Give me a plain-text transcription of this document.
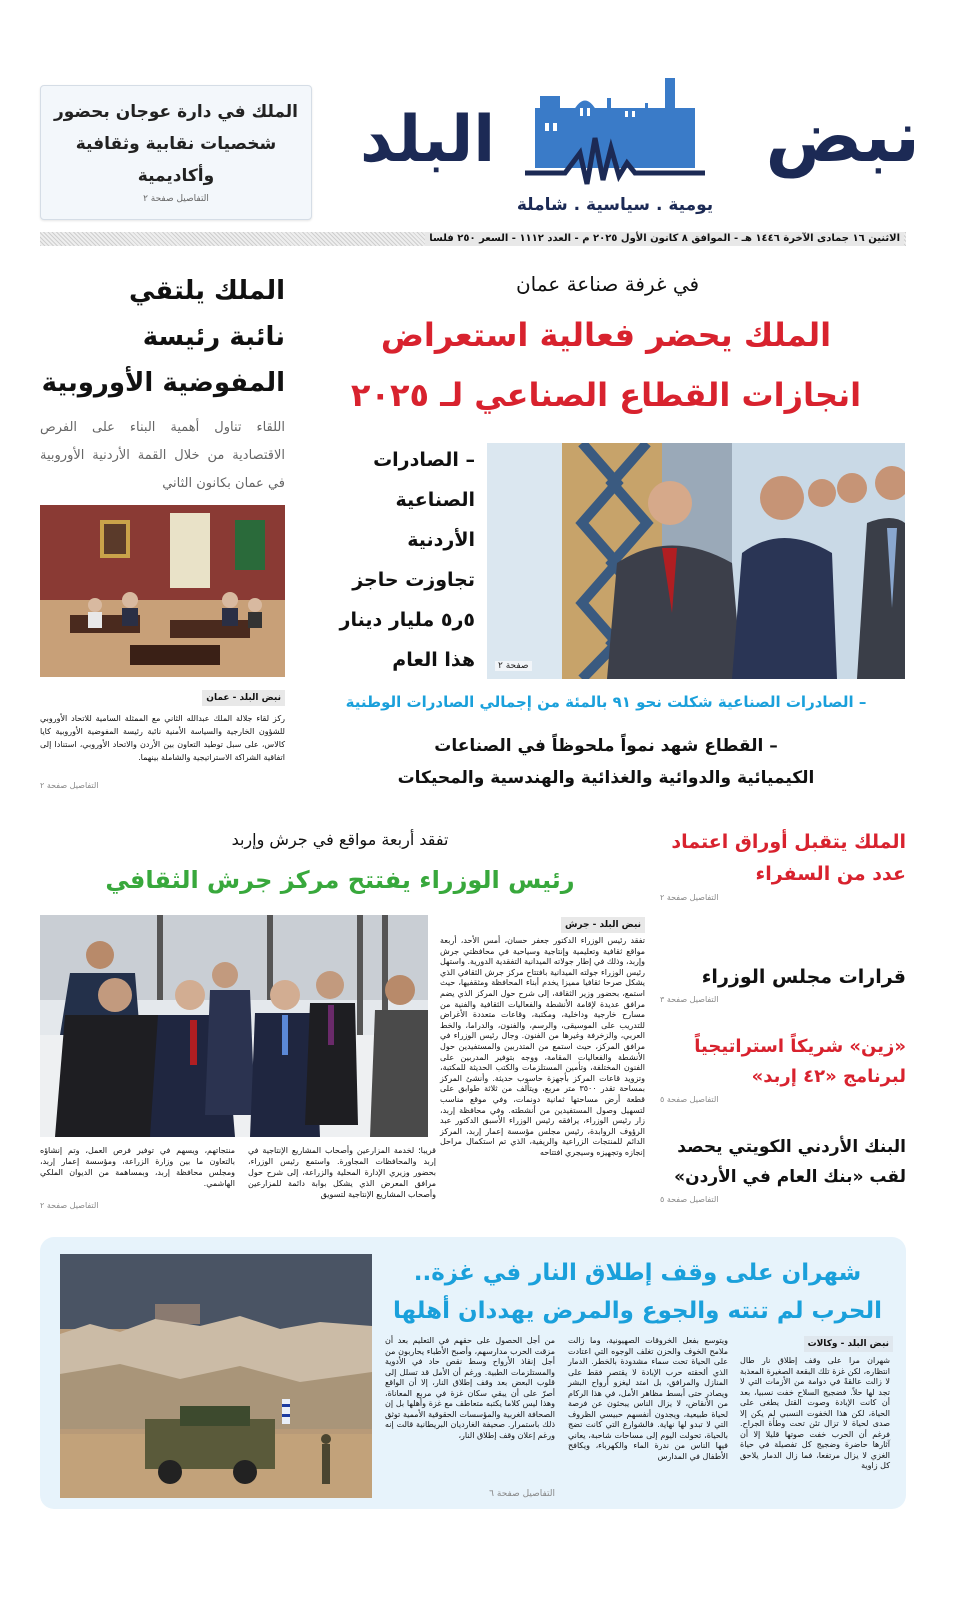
نبض
البلد
يومية . سياسية . شاملة
الملك في دارة عوجان بحضور شخصيات نقابية وثقافية وأكاديمية
التفاصيل صفحة ٢
الاثنين ١٦ جمادى الآخرة ١٤٤٦ هـ - الموافق ٨ كانون الأول ٢٠٢٥ م - العدد ١١١٢ - السعر ٢٥٠ فلسا
في غرفة صناعة عمان
الملك يحضر فعالية استعراض
انجازات القطاع الصناعي لـ ٢٠٢٥
– الصادرات
الصناعية
الأردنية
تجاوزت حاجز
٥ر٥ مليار دينار
هذا العام	صفحة ٢
– الصادرات الصناعية شكلت نحو ٩١ بالمئة من إجمالي الصادرات الوطنية
– القطاع شهد نمواً ملحوظاً في الصناعات
الكيميائية والدوائية والغذائية والهندسية والمحيكات
الملك يلتقي
نائبة رئيسة
المفوضية الأوروبية
اللقاء تناول أهمية البناء على الفرص الاقتصادية من خلال القمة الأردنية الأوروبية في عمان بكانون الثاني
نبض البلد - عمان
ركز لقاء جلالة الملك عبدالله الثاني مع الممثلة السامية للاتحاد الأوروبي للشؤون الخارجية والسياسة الأمنية نائبة رئيسة المفوضية الأوروبية كايا كالاس، على سبل توطيد التعاون بين الأردن والاتحاد الأوروبي، استنادا إلى اتفاقية الشراكة الاستراتيجية والشاملة بينهما.
التفاصيل صفحة ٢
تفقد أربعة مواقع في جرش وإربد
رئيس الوزراء يفتتح مركز جرش الثقافي
نبض البلد - جرش
تفقد رئيس الوزراء الدكتور جعفر حسان، أمس الأحد، أربعة مواقع ثقافية وتعليمية وإنتاجية وسياحية في محافظتي جرش وإربد، وذلك في إطار جولاته الميدانية التفقدية الدورية. واستهل رئيس الوزراء جولته الميدانية بافتتاح مركز جرش الثقافي الذي يشكل صرحا ثقافيا مميزا يخدم أبناء المحافظة ومثقفيها، حيث استمع، بحضور وزير الثقافة، إلى شرح حول المركز الذي يضم مرافق عديدة لإقامة الأنشطة والفعاليات الثقافية والفنية من مسارح خارجية وداخلية، ومكتبة، وقاعات متعددة الأغراض للتدريب على الموسيقى، والرسم، والفنون، والدراما، والخط العربي، والزخرفة وغيرها من الفنون. وجال رئيس الوزراء في مرافق المركز، حيث استمع من المتدربين والمستفيدين حول الأنشطة والفعاليات المقامة، ووجه بتوفير المدربين على الفنون المختلفة، وتأمين المستلزمات والكتب الحديثة للمكتبة، وتزويد قاعات المركز بأجهزة حاسوب حديثة. وأنشئ المركز بمساحة تقدر ٣٥٠٠ متر مربع، ويتألف من ثلاثة طوابق على قطعة أرض مساحتها ثمانية دونمات، وفي موقع مناسب لتسهيل وصول المستفيدين من أنشطته. وفي محافظة إربد، زار رئيس الوزراء، يرافقه رئيس الوزراء الأسبق الدكتور عبد الرؤوف الروابدة، رئيس مجلس مؤسسة إعمار إربد، المركز الدائم للمنتجات الزراعية والريفية، الذي تم استكمال مراحل إنجازه وتجهيزه وسيجري افتتاحه
قريبا؛ لخدمة المزارعين وأصحاب المشاريع الإنتاجية في إربد والمحافظات المجاورة. واستمع رئيس الوزراء، بحضور وزيري الإدارة المحلية والزراعة، إلى شرح حول مرافق المعرض الذي يشكل بوابة دائمة للمزارعين وأصحاب المشاريع الإنتاجية لتسويق
منتجاتهم، ويسهم في توفير فرص العمل، وتم إنشاؤه بالتعاون ما بين وزارة الزراعة، ومؤسسة إعمار إربد، ومجلس محافظة إربد، وبمساهمة من الديوان الملكي الهاشمي.
التفاصيل صفحة ٢
الملك يتقبل أوراق اعتماد عدد من السفراء
التفاصيل صفحة ٢
قرارات مجلس الوزراء
التفاصيل صفحة ٣
«زين» شريكاً استراتيجياً لبرنامج «٤٢ إربد»
التفاصيل صفحة ٥
البنك الأردني الكويتي يحصد لقب «بنك العام في الأردن»
التفاصيل صفحة ٥
شهران على وقف إطلاق النار في غزة..
الحرب لم تنته والجوع والمرض يهددان أهلها
نبض البلد - وكالات
شهران مرا على وقف إطلاق نار طال انتظاره، لكن غزة تلك البقعة الصغيرة المعذبة لا زالت عالقةً في دوامة من الأزمات التي لا تجد لها حلاً. فضجيج السلاح خفت نسبيا، بعد أن كانت الإبادة وصوت القتل يطغى على الحياة، لكن هذا الخفوت النسبي لم يكن إلا صدى لحياة لا تزال تئن تحت وطأة الجراح. فرغم أن الحرب خفت صوتها قليلا إلا أن آثارها حاضرة وضجيج كل تفصيلة في حياة الغزي لا يزال مرتفعا، فما زال الدمار يلاحق كل زاوية
ويتوسع بفعل الخروقات الصهيونية، وما زالت ملامح الخوف والحزن تغلف الوجوه التي اعتادت على الحياة تحت سماء مشدودة بالخطر. الدمار الذي ألحقته حرب الإبادة لا يقتصر فقط على المنازل والمرافق، بل امتد ليغزو أرواح البشر ويصادر حتى أبسط مظاهر الأمل، في هذا الركام من الأنقاض، لا يزال الناس يبحثون عن فرصة لحياة طبيعية، ويجدون أنفسهم حبيسي الظروف التي لا تبدو لها نهاية. فالشوارع التي كانت تضج بالحياة، تحولت اليوم إلى مساحات شاحبة، يعاني فيها الناس من ندرة الماء والكهرباء، ويكافح الأطفال في المدارس
من أجل الحصول على حقهم في التعليم بعد أن مزقت الحرب مدارسهم، وأصبح الأطباء يحاربون من أجل إنقاذ الأرواح وسط نقص حاد في الأدوية والمستلزمات الطبية. ورغم أن الأمل قد تسلل إلى قلوب البعض بعد وقف إطلاق النار، إلا أن الواقع أصرّ على أن يبقي سكان غزة في مربع المعاناة، وهذا ليس كلاما يكتبه متعاطف مع غزة وأهلها بل إن الصحافة الغربية والمؤسسات الحقوقية الأممية توثق ذلك باستمرار. صحيفة الغارديان البريطانية قالت إنه ورغم إعلان وقف إطلاق النار،
التفاصيل صفحة ٦
